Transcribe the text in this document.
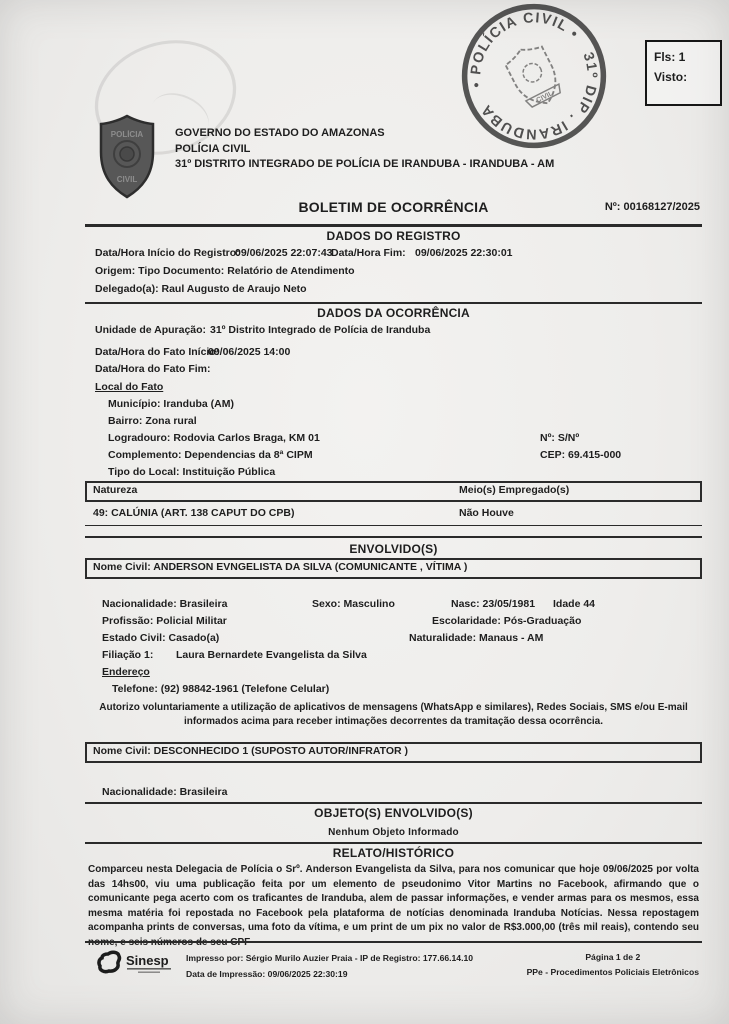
POLÍCIA
CIVIL
• POLÍCIA CIVIL •
31º DIP . IRANDUBA
CIVIL
Fls: 1
Visto:
GOVERNO DO ESTADO DO AMAZONAS
POLÍCIA CIVIL
31º DISTRITO INTEGRADO DE POLÍCIA DE IRANDUBA - IRANDUBA - AM
BOLETIM DE OCORRÊNCIA	Nº: 00168127/2025
DADOS DO REGISTRO
Data/Hora Início do Registro:
09/06/2025 22:07:43
Data/Hora Fim: 09/06/2025 22:30:01
Origem: Tipo Documento: Relatório de Atendimento
Delegado(a): Raul Augusto de Araujo Neto
DADOS DA OCORRÊNCIA
Unidade de Apuração: 31º Distrito Integrado de Polícia de Iranduba
Data/Hora do Fato Início:
09/06/2025 14:00
Data/Hora do Fato Fim:
Local do Fato
Município: Iranduba (AM)
Bairro: Zona rural
Logradouro: Rodovia Carlos Braga, KM 01	Nº: S/Nº
Complemento: Dependencias da 8ª CIPM	CEP: 69.415-000
Tipo do Local: Instituição Pública
Natureza	Meio(s) Empregado(s)
49: CALÚNIA (ART. 138 CAPUT DO CPB)	Não Houve
ENVOLVIDO(S)
Nome Civil: ANDERSON EVNGELISTA DA SILVA (COMUNICANTE , VÍTIMA )
Nacionalidade: Brasileira	Sexo: Masculino	Nasc: 23/05/1981 Idade 44
Profissão: Policial Militar	Escolaridade: Pós-Graduação
Estado Civil: Casado(a)	Naturalidade: Manaus - AM
Filiação 1: Laura Bernardete Evangelista da Silva
Endereço
Telefone: (92) 98842-1961 (Telefone Celular)
Autorizo voluntariamente a utilização de aplicativos de mensagens (WhatsApp e similares), Redes Sociais, SMS e/ou E-mail informados acima para receber intimações decorrentes da tramitação dessa ocorrência.
Nome Civil: DESCONHECIDO 1 (SUPOSTO AUTOR/INFRATOR )
Nacionalidade: Brasileira
OBJETO(S) ENVOLVIDO(S)
Nenhum Objeto Informado
RELATO/HISTÓRICO
Comparceu nesta Delegacia de Polícia o Srº. Anderson Evangelista da Silva, para nos comunicar que hoje 09/06/2025 por volta das 14hs00, viu uma publicação feita por um elemento de pseudonimo Vitor Martins no Facebook, afirmando que o comunicante pega acerto com os traficantes de Iranduba, alem de passar informações, e vender armas para os mesmos, essa mesma matéria foi repostada no Facebook pela plataforma de notícias denominada Iranduba Notícias. Nessa repostagem acompanha prints de conversas, uma foto da vítima, e um print de um pix no valor de R$3.000,00 (três mil reais), contendo seu nome, e seis números de seu CPF
Sinesp Impresso por: Sérgio Murilo Auzier Praia - IP de Registro: 177.66.14.10
Data de Impressão: 09/06/2025 22:30:19
Página 1 de 2
PPe - Procedimentos Policiais Eletrônicos
